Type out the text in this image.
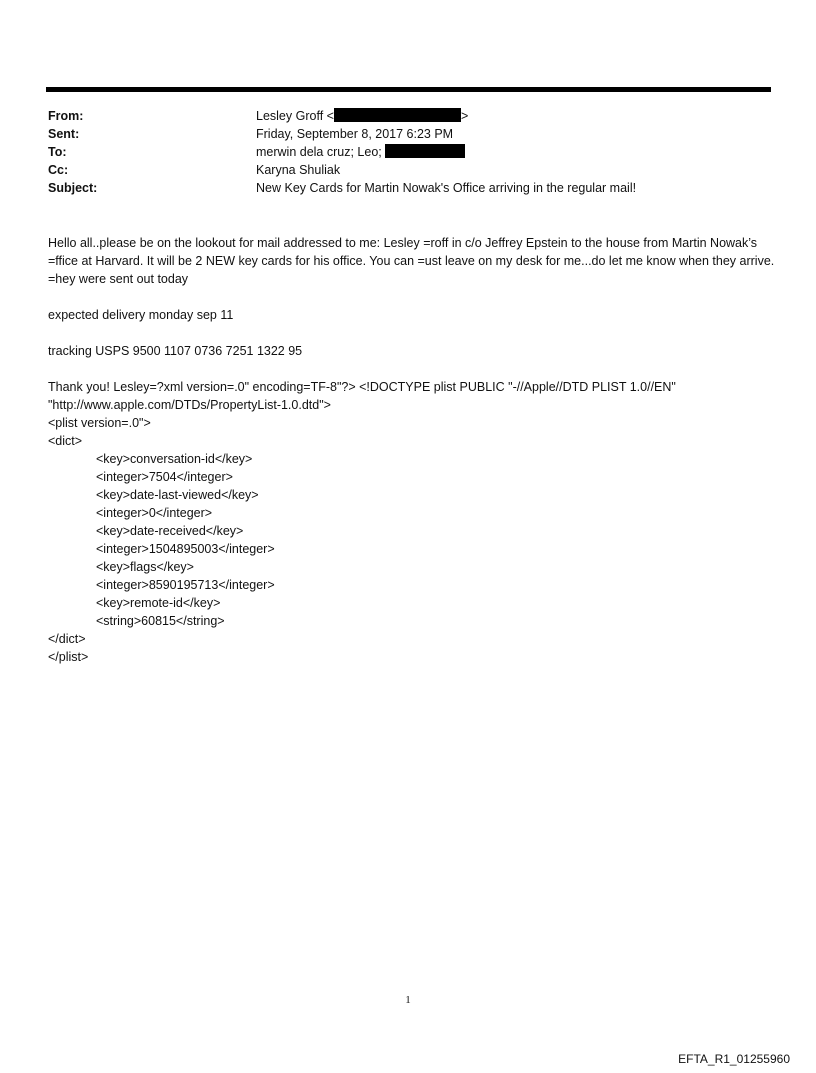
From:	Lesley Groff <	>
Sent:	Friday, September 8, 2017 6:23 PM
To:	merwin dela cruz; Leo;
Cc:	Karyna Shuliak
Subject:	New Key Cards for Martin Nowak's Office arriving in the regular mail!

Hello all..please be on the lookout for mail addressed to me: Lesley =roff in c/o Jeffrey Epstein to the house from Martin Nowak’s =ffice at Harvard. It will be 2 NEW key cards for his office. You can =ust leave on my desk for me...do let me know when they arrive. =hey were sent out today

expected delivery monday sep 11

tracking USPS 9500 1107 0736 7251 1322 95

Thank you! Lesley=?xml version=.0" encoding=TF-8"?> <!DOCTYPE plist PUBLIC "-//Apple//DTD PLIST 1.0//EN"
"http://www.apple.com/DTDs/PropertyList-1.0.dtd">
<plist version=.0">
<dict>
<key>conversation-id</key>
<integer>7504</integer>
<key>date-last-viewed</key>
<integer>0</integer>
<key>date-received</key>
<integer>1504895003</integer>
<key>flags</key>
<integer>8590195713</integer>
<key>remote-id</key>
<string>60815</string>
</dict>
</plist>
1
EFTA_R1_01255960
